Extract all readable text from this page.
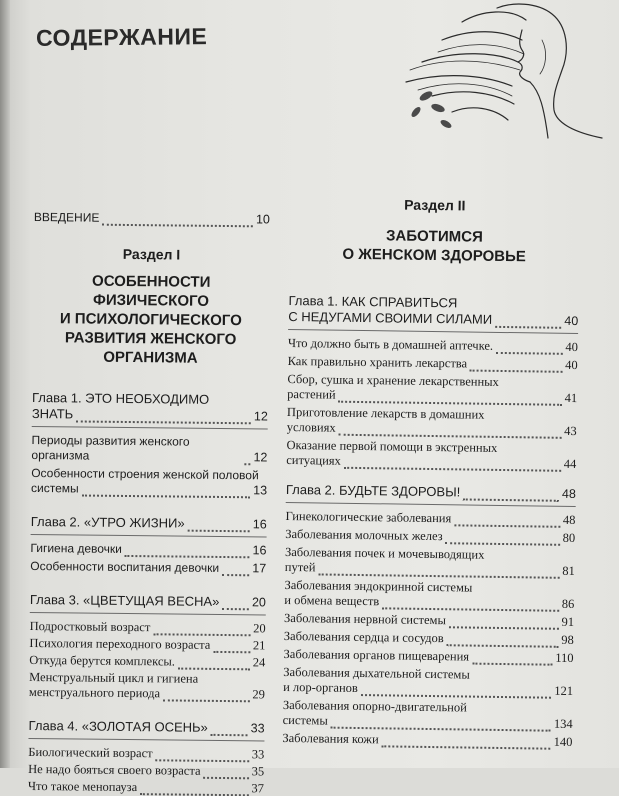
СОДЕРЖАНИЕ
ВВЕДЕНИЕ	10
Раздел I
ОСОБЕННОСТИ ФИЗИЧЕСКОГО
И ПСИХОЛОГИЧЕСКОГО
РАЗВИТИЯ ЖЕНСКОГО
ОРГАНИЗМА
Глава 1. ЭТО НЕОБХОДИМО
ЗНАТЬ	12
Периоды развития женского организма	12
Особенности строения женской половой
системы	13
Глава 2. «УТРО ЖИЗНИ»	16
Гигиена девочки	16
Особенности воспитания девочки	17
Глава 3. «ЦВЕТУЩАЯ ВЕСНА»	20
Подростковый возраст	20
Психология переходного возраста	21
Откуда берутся комплексы.	24
Менструальный цикл и гигиена
менструального периода	29
Глава 4. «ЗОЛОТАЯ ОСЕНЬ»	33
Биологический возраст	33
Не надо бояться своего возраста	35
Что такое менопауза	37
Раздел II
ЗАБОТИМСЯ
О ЖЕНСКОМ ЗДОРОВЬЕ
Глава 1. КАК СПРАВИТЬСЯ
С НЕДУГАМИ СВОИМИ СИЛАМИ	40
Что должно быть в домашней аптечке.	40
Как правильно хранить лекарства	40
Сбор, сушка и хранение лекарственных
растений	41
Приготовление лекарств в домашних
условиях	43
Оказание первой помощи в экстренных
ситуациях	44
Глава 2. БУДЬТЕ ЗДОРОВЫ!	48
Гинекологические заболевания	48
Заболевания молочных желез	80
Заболевания почек и мочевыводящих
путей	81
Заболевания эндокринной системы
и обмена веществ	86
Заболевания нервной системы	91
Заболевания сердца и сосудов	98
Заболевания органов пищеварения	110
Заболевания дыхательной системы
и лор-органов	121
Заболевания опорно-двигательной
системы	134
Заболевания кожи	140
